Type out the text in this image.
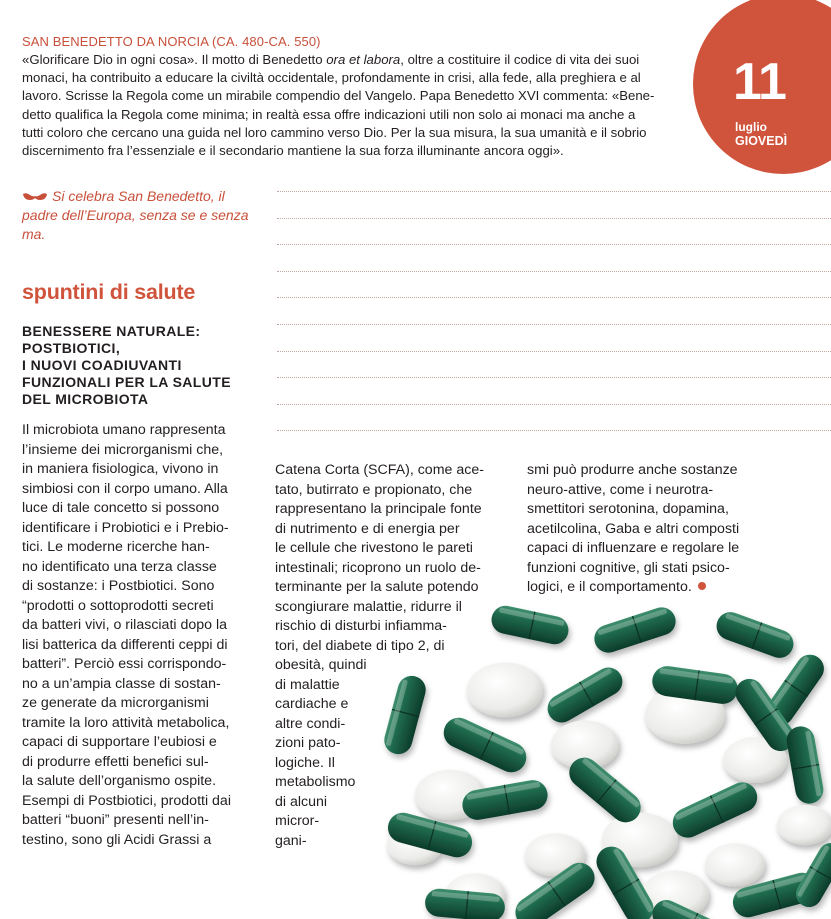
SAN BENEDETTO DA NORCIA (CA. 480-CA. 550)
«Glorificare Dio in ogni cosa». Il motto di Benedetto ora et labora, oltre a costituire il codice di vita dei suoi
monaci, ha contribuito a educare la civiltà occidentale, profondamente in crisi, alla fede, alla preghiera e al
lavoro. Scrisse la Regola come un mirabile compendio del Vangelo. Papa Benedetto XVI commenta: «Bene-
detto qualifica la Regola come minima; in realtà essa offre indicazioni utili non solo ai monaci ma anche a
tutti coloro che cercano una guida nel loro cammino verso Dio. Per la sua misura, la sua umanità e il sobrio
discernimento fra l’essenziale e il secondario mantiene la sua forza illuminante ancora oggi».
11
luglio
GIOVEDÌ
Si celebra San Benedetto, il
padre dell’Europa, senza se e senza
ma.
spuntini di salute
BENESSERE NATURALE:
POSTBIOTICI,
I NUOVI COADIUVANTI
FUNZIONALI PER LA SALUTE
DEL MICROBIOTA
Il microbiota umano rappresenta
l’insieme dei microrganismi che,
in maniera fisiologica, vivono in
simbiosi con il corpo umano. Alla
luce di tale concetto si possono
identificare i Probiotici e i Prebio-
tici. Le moderne ricerche han-
no identificato una terza classe
di sostanze: i Postbiotici. Sono
“prodotti o sottoprodotti secreti
da batteri vivi, o rilasciati dopo la
lisi batterica da differenti ceppi di
batteri”. Perciò essi corrispondo-
no a un’ampia classe di sostan-
ze generate da microrganismi
tramite la loro attività metabolica,
capaci di supportare l’eubiosi e
di produrre effetti benefici sul-
la salute dell’organismo ospite.
Esempi di Postbiotici, prodotti dai
batteri “buoni” presenti nell’in-
testino, sono gli Acidi Grassi a
Catena Corta (SCFA), come ace-
tato, butirrato e propionato, che
rappresentano la principale fonte
di nutrimento e di energia per
le cellule che rivestono le pareti
intestinali; ricoprono un ruolo de-
terminante per la salute potendo
scongiurare malattie, ridurre il
rischio di disturbi infiamma-
tori, del diabete di tipo 2, di
obesità, quindi
di malattie
cardiache e
altre condi-
zioni pato-
logiche. Il
metabolismo
di alcuni
micror-
gani-
smi può produrre anche sostanze
neuro-attive, come i neurotra-
smettitori serotonina, dopamina,
acetilcolina, Gaba e altri composti
capaci di influenzare e regolare le
funzioni cognitive, gli stati psico-
logici, e il comportamento.
